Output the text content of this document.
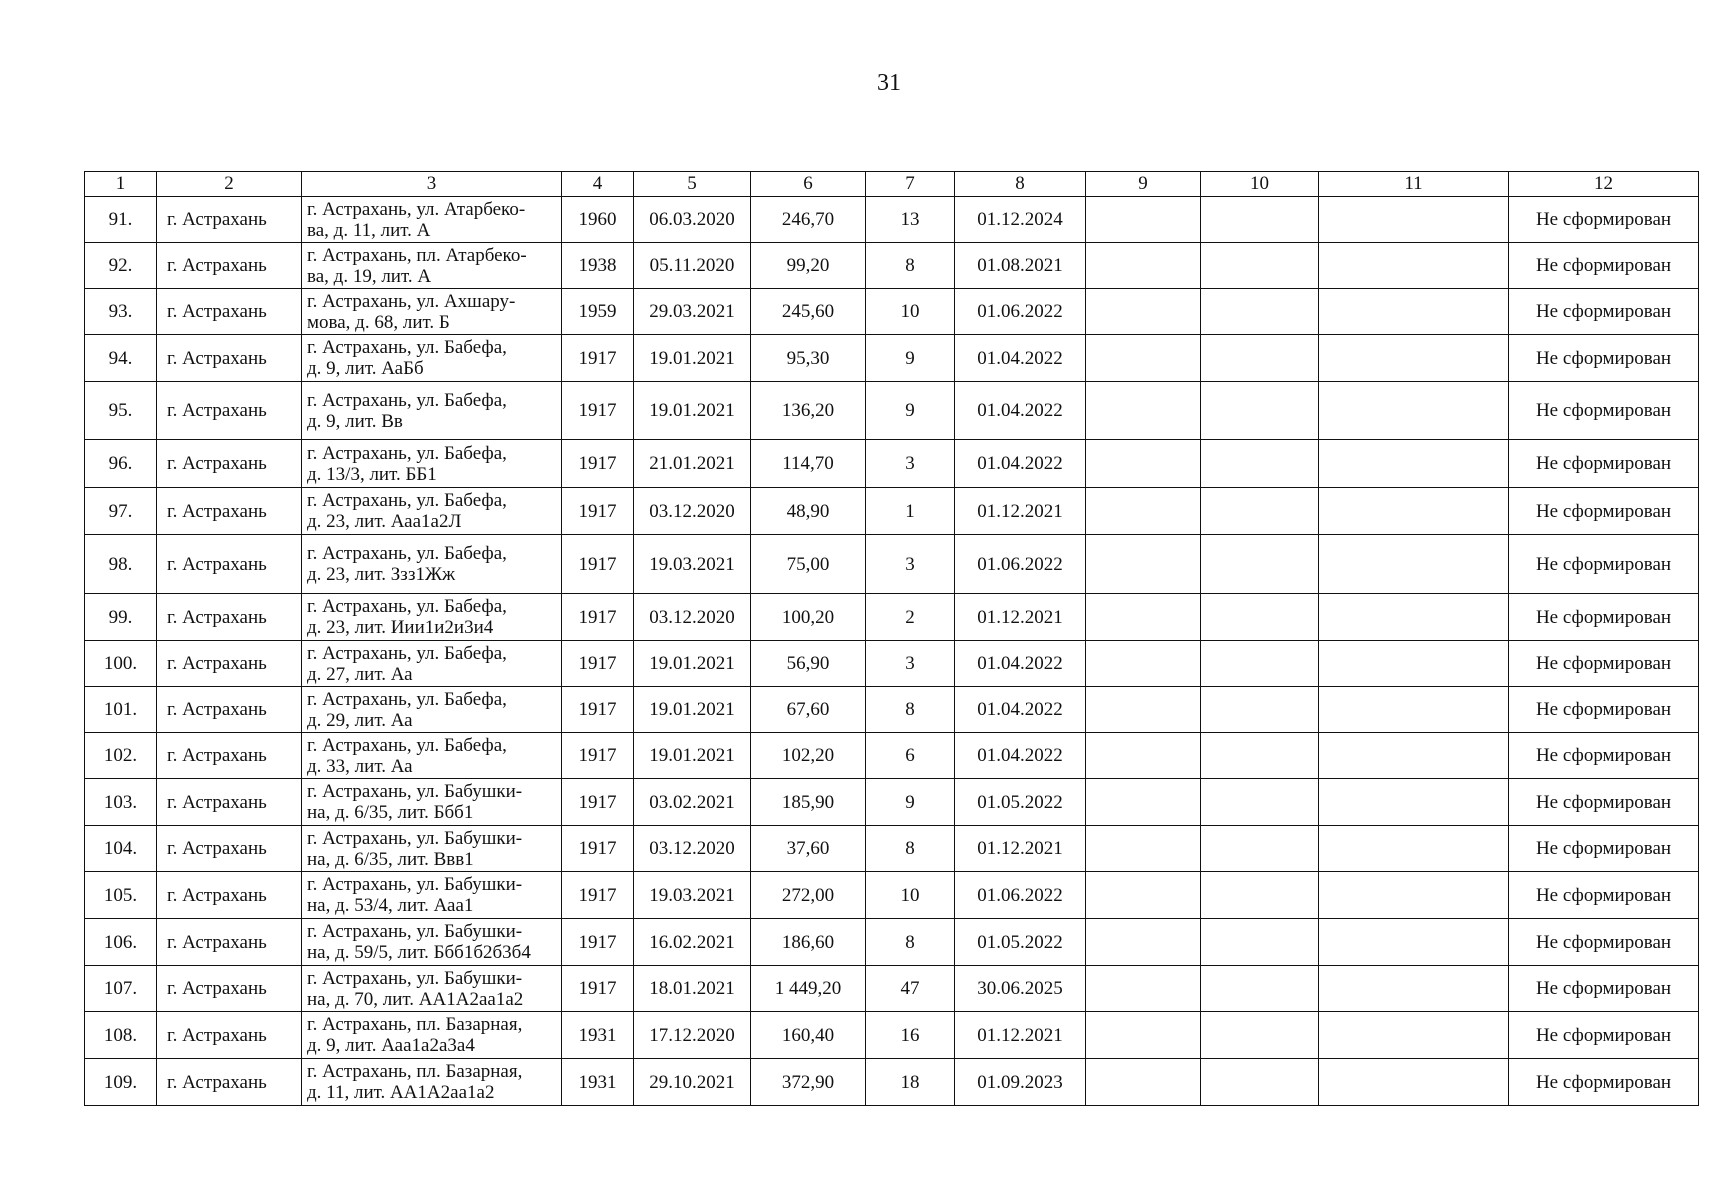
31
1	2	3	4	5	6	7	8	9	10	11	12
91.	г. Астрахань	г. Астрахань, ул. Атарбеко-
ва, д. 11, лит. А	1960	06.03.2020	246,70	13	01.12.2024				Не сформирован
92.	г. Астрахань	г. Астрахань, пл. Атарбеко-
ва, д. 19, лит. А	1938	05.11.2020	99,20	8	01.08.2021				Не сформирован
93.	г. Астрахань	г. Астрахань, ул. Ахшару-
мова, д. 68, лит. Б	1959	29.03.2021	245,60	10	01.06.2022				Не сформирован
94.	г. Астрахань	г. Астрахань, ул. Бабефа,
д. 9, лит. АаБб	1917	19.01.2021	95,30	9	01.04.2022				Не сформирован
95.	г. Астрахань	г. Астрахань, ул. Бабефа,
д. 9, лит. Вв	1917	19.01.2021	136,20	9	01.04.2022				Не сформирован
96.	г. Астрахань	г. Астрахань, ул. Бабефа,
д. 13/3, лит. ББ1	1917	21.01.2021	114,70	3	01.04.2022				Не сформирован
97.	г. Астрахань	г. Астрахань, ул. Бабефа,
д. 23, лит. Ааа1а2Л	1917	03.12.2020	48,90	1	01.12.2021				Не сформирован
98.	г. Астрахань	г. Астрахань, ул. Бабефа,
д. 23, лит. Ззз1Жж	1917	19.03.2021	75,00	3	01.06.2022				Не сформирован
99.	г. Астрахань	г. Астрахань, ул. Бабефа,
д. 23, лит. Иии1и2и3и4	1917	03.12.2020	100,20	2	01.12.2021				Не сформирован
100.	г. Астрахань	г. Астрахань, ул. Бабефа,
д. 27, лит. Аа	1917	19.01.2021	56,90	3	01.04.2022				Не сформирован
101.	г. Астрахань	г. Астрахань, ул. Бабефа,
д. 29, лит. Аа	1917	19.01.2021	67,60	8	01.04.2022				Не сформирован
102.	г. Астрахань	г. Астрахань, ул. Бабефа,
д. 33, лит. Аа	1917	19.01.2021	102,20	6	01.04.2022				Не сформирован
103.	г. Астрахань	г. Астрахань, ул. Бабушки-
на, д. 6/35, лит. Ббб1	1917	03.02.2021	185,90	9	01.05.2022				Не сформирован
104.	г. Астрахань	г. Астрахань, ул. Бабушки-
на, д. 6/35, лит. Ввв1	1917	03.12.2020	37,60	8	01.12.2021				Не сформирован
105.	г. Астрахань	г. Астрахань, ул. Бабушки-
на, д. 53/4, лит. Ааа1	1917	19.03.2021	272,00	10	01.06.2022				Не сформирован
106.	г. Астрахань	г. Астрахань, ул. Бабушки-
на, д. 59/5, лит. Ббб1б2б3б4	1917	16.02.2021	186,60	8	01.05.2022				Не сформирован
107.	г. Астрахань	г. Астрахань, ул. Бабушки-
на, д. 70, лит. АА1А2аа1а2	1917	18.01.2021	1 449,20	47	30.06.2025				Не сформирован
108.	г. Астрахань	г. Астрахань, пл. Базарная,
д. 9, лит. Ааа1а2а3а4	1931	17.12.2020	160,40	16	01.12.2021				Не сформирован
109.	г. Астрахань	г. Астрахань, пл. Базарная,
д. 11, лит. АА1А2аа1а2	1931	29.10.2021	372,90	18	01.09.2023				Не сформирован
